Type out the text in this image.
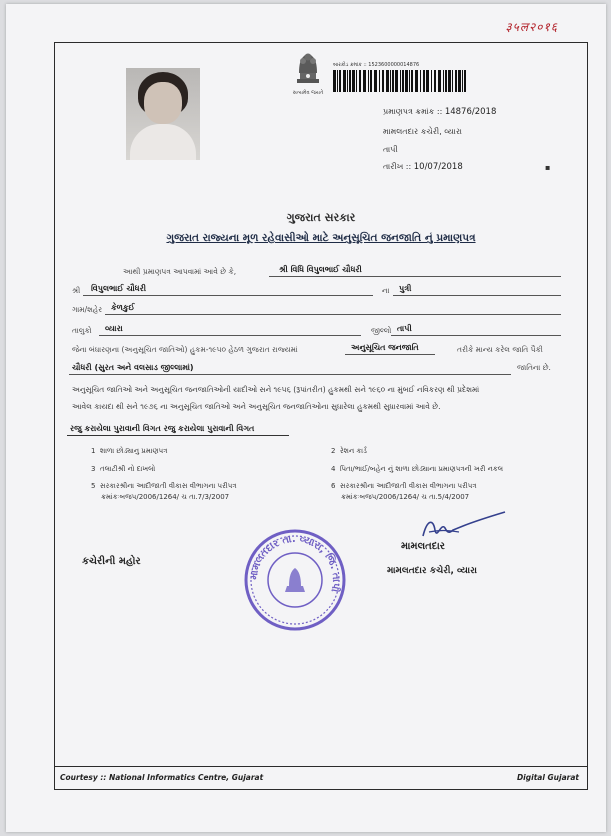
३५ल२०१६
સત્યમેવ જયતે
બારકોડ ક્રમાંક :: 1523600000014876
પ્રમાણપત્ર ક્રમાંક :: 14876/2018
મામલતદાર કચેરી, વ્યારા
તાપી
તારીખ :: 10/07/2018	▪
ગુજરાત સરકાર
ગુજરાત રાજ્યના મૂળ રહેવાસીઓ માટે અનુસૂચિત જનજાતિ નું પ્રમાણપત્ર
આથી પ્રમાણપત્ર આપવામાં આવે છે કે,	શ્રી વિધિ વિપુલભાઈ ચૌધરી
શ્રી વિપુલભાઈ ચૌધરી	ના પુત્રી
ગામ/શહેર કેળકુઈ
તાલુકો વ્યારા	જીલ્લો તાપી
જેના બંધારણના (અનુસૂચિત જાતિઓ) હુકમ-૧૯૫૦ હેઠળ ગુજરાત રાજ્યમાં	અનુસૂચિત જનજાતિ	તરીકે માન્ય કરેલ જાતિ પૈકી
ચૌધરી (સુરત અને વલસાડ જીલ્લામાં)	જાતિના છે.
અનુસૂચિત જાતિઓ અને અનુસૂચિત જનજાતિઓની યાદીઓ સને ૧૯૫૬ (રૂપાંતરીત) હુકમથી સને ૧૯૬૦ ના મુંબઈ નવિકરણ થી પ્રદેશમાં
આવેલ કાયદા થી સને ૧૯૭૬ ના અનુસૂચિત જાતિઓ અને અનુસૂચિત જનજાતિઓના સુધારેલા હુકમથી સુધારવામાં આવે છે.
રજુ કરાયેલા પુરાવાની વિગત રજુ કરાયેલા પુરાવાની વિગત
1 શાળા છોડ્યાનુ પ્રમાણપત્ર	2 રેશન કાર્ડ
3 તલાટીશ્રી નો દાખલો	4 પિતા/ભાઈ/બહેન નું શાળા છોડ્યાના પ્રમાણપત્રની ખરી નકલ
5 સરકારશ્રીના આદીજાતી વીકાસ વીભાગના પરીપત્ર
ક્રમાંકઃબજપ/2006/1264/ ચ તા.7/3/2007
6 સરકારશ્રીના આદીજાતી વીકાસ વીભાગના પરીપત્ર
ક્રમાંકઃબજપ/2006/1264/ ચ તા.5/4/2007
કચેરીની મહોર
મામલતદાર તા. વ્યારા, જિ. તાપી
મામલતદાર
મામલતદાર કચેરી, વ્યારા
Courtesy :: National Informatics Centre, Gujarat	Digital Gujarat
